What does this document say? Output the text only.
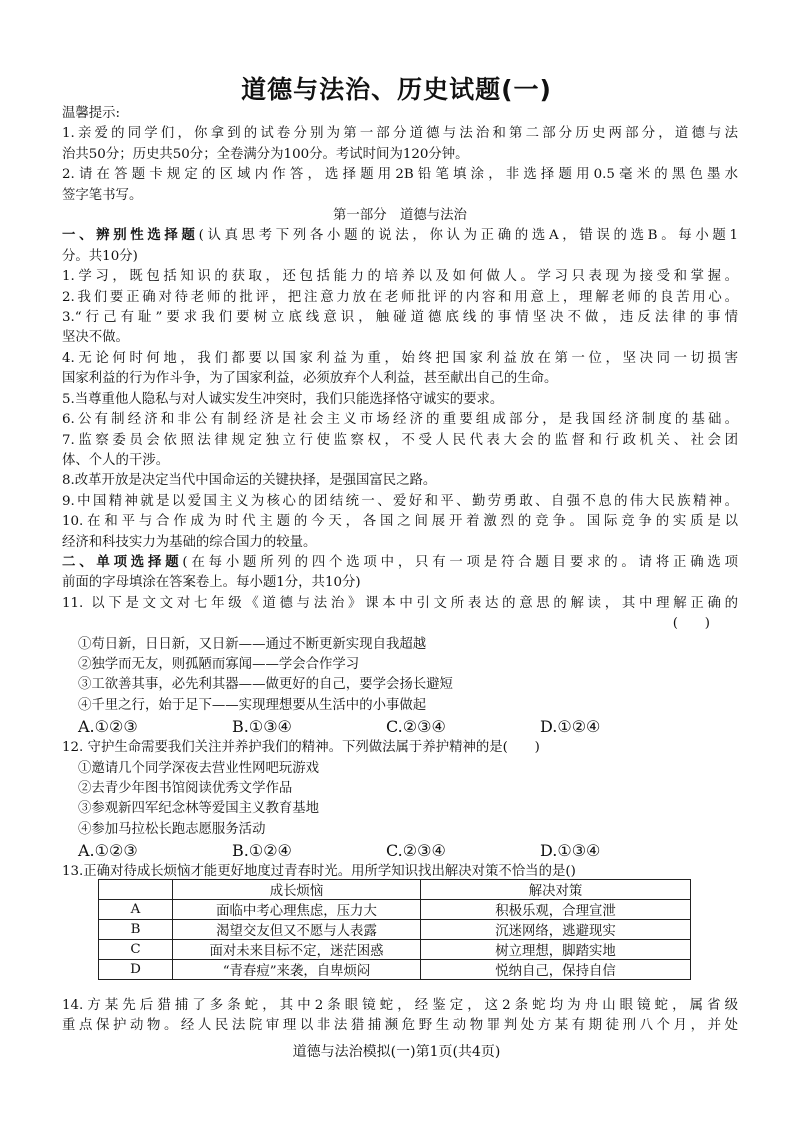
道德与法治、历史试题(一)
温馨提示:
1.亲爱的同学们，你拿到的试卷分别为第一部分道德与法治和第二部分历史两部分，道德与法
治共50分；历史共50分；全卷满分为100分。考试时间为120分钟。
2.请在答题卡规定的区域内作答，选择题用2B铅笔填涂，非选择题用0.5毫米的黑色墨水
签字笔书写。
第一部分　道德与法治
一、辨别性选择题(认真思考下列各小题的说法，你认为正确的选A，错误的选B。每小题1
分。共10分)
1.学习，既包括知识的获取，还包括能力的培养以及如何做人。学习只表现为接受和掌握。
2.我们要正确对待老师的批评，把注意力放在老师批评的内容和用意上，理解老师的良苦用心。
3.“行己有耻”要求我们要树立底线意识，触碰道德底线的事情坚决不做，违反法律的事情
坚决不做。
4.无论何时何地，我们都要以国家利益为重，始终把国家利益放在第一位，坚决同一切损害
国家利益的行为作斗争，为了国家利益，必须放弃个人利益，甚至献出自己的生命。
5.当尊重他人隐私与对人诚实发生冲突时，我们只能选择恪守诚实的要求。
6.公有制经济和非公有制经济是社会主义市场经济的重要组成部分，是我国经济制度的基础。
7.监察委员会依照法律规定独立行使监察权，不受人民代表大会的监督和行政机关、社会团
体、个人的干涉。
8.改革开放是决定当代中国命运的关键抉择，是强国富民之路。
9.中国精神就是以爱国主义为核心的团结统一、爱好和平、勤劳勇敢、自强不息的伟大民族精神。
10.在和平与合作成为时代主题的今天，各国之间展开着激烈的竞争。国际竞争的实质是以
经济和科技实力为基础的综合国力的较量。
二、单项选择题(在每小题所列的四个选项中，只有一项是符合题目要求的。请将正确选项
前面的字母填涂在答案卷上。每小题1分，共10分)
11. 以下是文文对七年级《道德与法治》课本中引文所表达的意思的解读，其中理解正确的
(　　)
①苟日新，日日新，又日新——通过不断更新实现自我超越
②独学而无友，则孤陋而寡闻——学会合作学习
③工欲善其事，必先利其器——做更好的自己，要学会扬长避短
④千里之行，始于足下——实现理想要从生活中的小事做起
A.①②③	B.①③④	C.②③④	D.①②④
12. 守护生命需要我们关注并养护我们的精神。下列做法属于养护精神的是(　　)
①邀请几个同学深夜去营业性网吧玩游戏
②去青少年图书馆阅读优秀文学作品
③参观新四军纪念林等爱国主义教育基地
④参加马拉松长跑志愿服务活动
A.①②③	B.①②④	C.②③④	D.①③④
13.正确对待成长烦恼才能更好地度过青春时光。用所学知识找出解决对策不恰当的是()
	成长烦恼	解决对策
A	面临中考心理焦虑，压力大	积极乐观，合理宣泄
B	渴望交友但又不愿与人表露	沉迷网络，逃避现实
C	面对未来目标不定，迷茫困惑	树立理想，脚踏实地
D	“青春痘”来袭，自卑烦闷	悦纳自己，保持自信
14.方某先后猎捕了多条蛇，其中2条眼镜蛇，经鉴定，这2条蛇均为舟山眼镜蛇，属省级
重点保护动物。经人民法院审理以非法猎捕濒危野生动物罪判处方某有期徒刑八个月，并处
道德与法治模拟(一)第1页(共4页)
